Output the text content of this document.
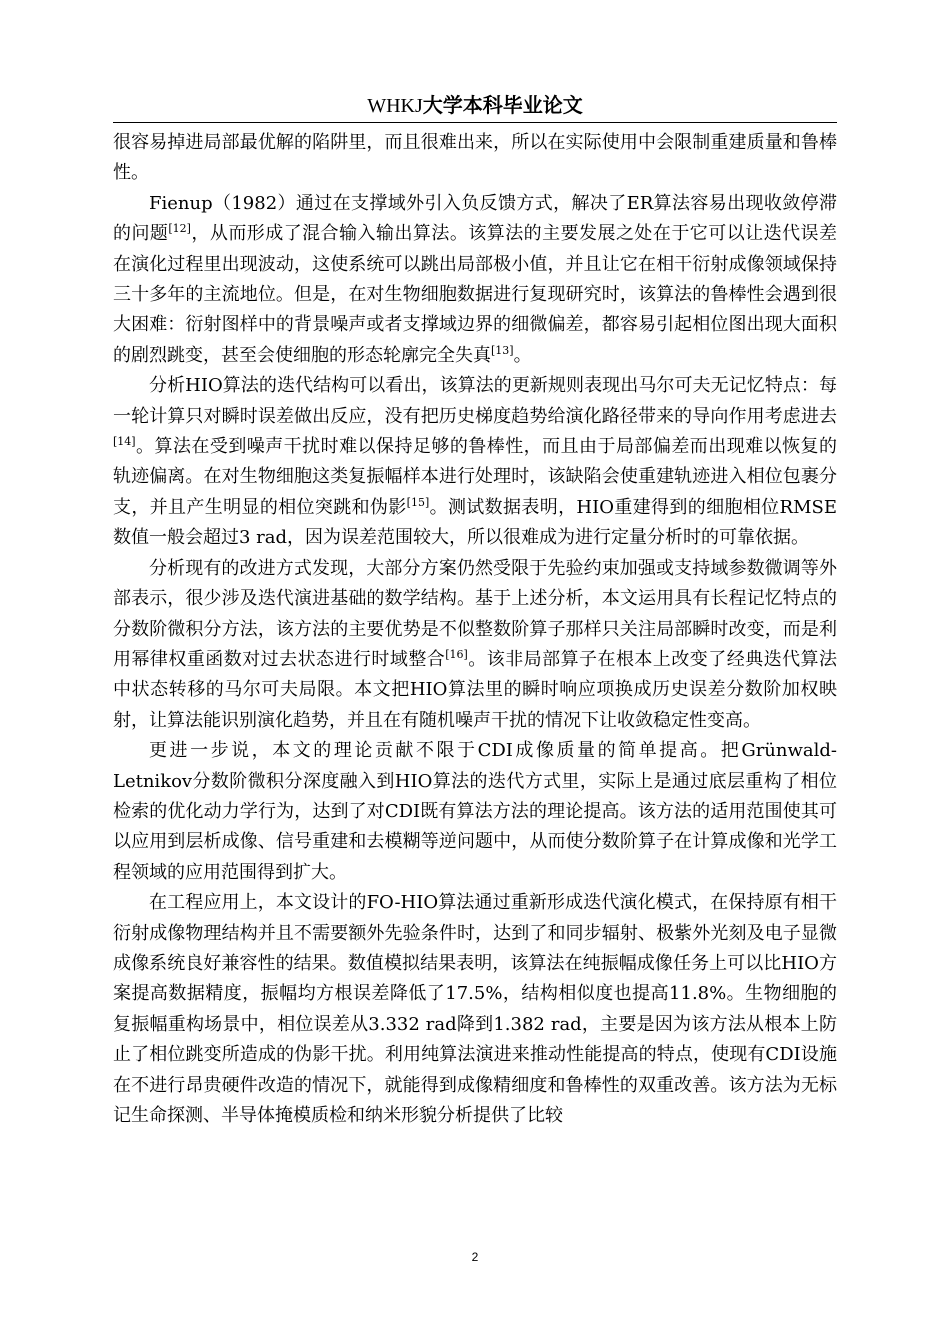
WHKJ大学本科毕业论文

很容易掉进局部最优解的陷阱里，而且很难出来，所以在实际使用中会限制重建质量和鲁棒性。

Fienup（1982）通过在支撑域外引入负反馈方式，解决了ER算法容易出现收敛停滞的问题[12]，从而形成了混合输入输出算法。该算法的主要发展之处在于它可以让迭代误差在演化过程里出现波动，这使系统可以跳出局部极小值，并且让它在相干衍射成像领域保持三十多年的主流地位。但是，在对生物细胞数据进行复现研究时，该算法的鲁棒性会遇到很大困难：衍射图样中的背景噪声或者支撑域边界的细微偏差，都容易引起相位图出现大面积的剧烈跳变，甚至会使细胞的形态轮廓完全失真[13]。

分析HIO算法的迭代结构可以看出，该算法的更新规则表现出马尔可夫无记忆特点：每一轮计算只对瞬时误差做出反应，没有把历史梯度趋势给演化路径带来的导向作用考虑进去[14]。算法在受到噪声干扰时难以保持足够的鲁棒性，而且由于局部偏差而出现难以恢复的轨迹偏离。在对生物细胞这类复振幅样本进行处理时，该缺陷会使重建轨迹进入相位包裹分支，并且产生明显的相位突跳和伪影[15]。测试数据表明，HIO重建得到的细胞相位RMSE数值一般会超过3 rad，因为误差范围较大，所以很难成为进行定量分析时的可靠依据。

分析现有的改进方式发现，大部分方案仍然受限于先验约束加强或支持域参数微调等外部表示，很少涉及迭代演进基础的数学结构。基于上述分析，本文运用具有长程记忆特点的分数阶微积分方法，该方法的主要优势是不似整数阶算子那样只关注局部瞬时改变，而是利用幂律权重函数对过去状态进行时域整合[16]。该非局部算子在根本上改变了经典迭代算法中状态转移的马尔可夫局限。本文把HIO算法里的瞬时响应项换成历史误差分数阶加权映射，让算法能识别演化趋势，并且在有随机噪声干扰的情况下让收敛稳定性变高。

更进一步说，本文的理论贡献不限于CDI成像质量的简单提高。把Grünwald-Letnikov分数阶微积分深度融入到HIO算法的迭代方式里，实际上是通过底层重构了相位检索的优化动力学行为，达到了对CDI既有算法方法的理论提高。该方法的适用范围使其可以应用到层析成像、信号重建和去模糊等逆问题中，从而使分数阶算子在计算成像和光学工程领域的应用范围得到扩大。

在工程应用上，本文设计的FO-HIO算法通过重新形成迭代演化模式，在保持原有相干衍射成像物理结构并且不需要额外先验条件时，达到了和同步辐射、极紫外光刻及电子显微成像系统良好兼容性的结果。数值模拟结果表明，该算法在纯振幅成像任务上可以比HIO方案提高数据精度，振幅均方根误差降低了17.5%，结构相似度也提高11.8%。生物细胞的复振幅重构场景中，相位误差从3.332 rad降到1.382 rad，主要是因为该方法从根本上防止了相位跳变所造成的伪影干扰。利用纯算法演进来推动性能提高的特点，使现有CDI设施在不进行昂贵硬件改造的情况下，就能得到成像精细度和鲁棒性的双重改善。该方法为无标记生命探测、半导体掩模质检和纳米形貌分析提供了比较

2
